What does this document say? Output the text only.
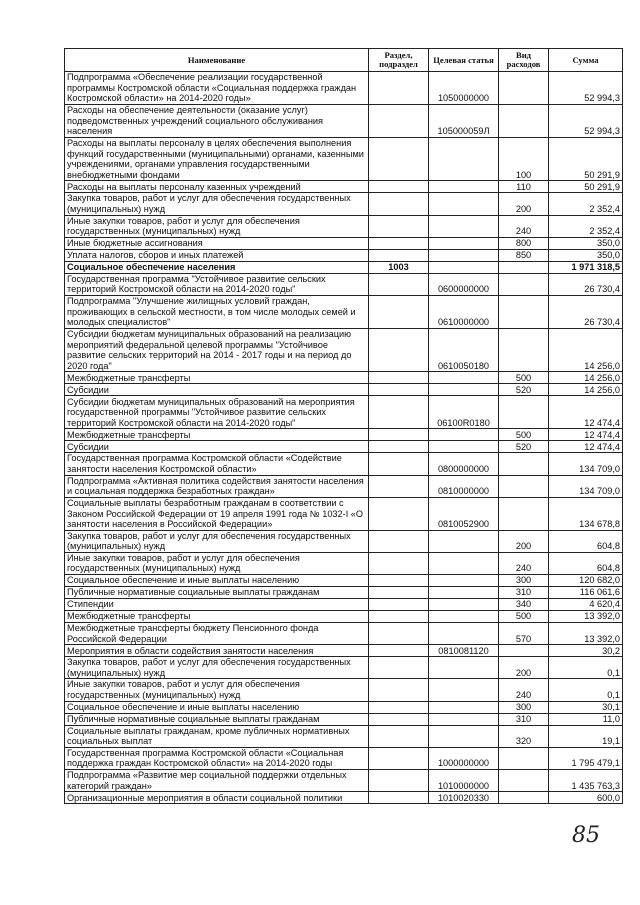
Наименование	Раздел, подраздел	Целевая статья	Вид расходов	Сумма
Подпрограмма «Обеспечение реализации государственной программы Костромской области «Социальная поддержка граждан Костромской области» на 2014-2020 годы»		1050000000		52 994,3
Расходы на обеспечение деятельности (оказание услуг) подведомственных учреждений социального обслуживания населения		105000059Л		52 994,3
Расходы на выплаты персоналу в целях обеспечения выполнения функций государственными (муниципальными) органами, казенными учреждениями, органами управления государственными внебюджетными фондами			100	50 291,9
Расходы на выплаты персоналу казенных учреждений			110	50 291,9
Закупка товаров, работ и услуг для обеспечения государственных (муниципальных) нужд			200	2 352,4
Иные закупки товаров, работ и услуг для обеспечения государственных (муниципальных) нужд			240	2 352,4
Иные бюджетные ассигнования			800	350,0
Уплата налогов, сборов и иных платежей			850	350,0
Социальное обеспечение населения	1003			1 971 318,5
Государственная программа "Устойчивое развитие сельских территорий Костромской области на 2014-2020 годы"		0600000000		26 730,4
Подпрограмма "Улучшение жилищных условий граждан, проживающих в сельской местности, в том числе молодых семей и молодых специалистов"		0610000000		26 730,4
Субсидии бюджетам муниципальных образований на реализацию мероприятий федеральной целевой программы "Устойчивое развитие сельских территорий на 2014 - 2017 годы и на период до 2020 года"		0610050180		14 256,0
Межбюджетные трансферты			500	14 256,0
Субсидии			520	14 256,0
Субсидии бюджетам муниципальных образований на мероприятия государственной программы "Устойчивое развитие сельских территорий Костромской области на 2014-2020 годы"		06100R0180		12 474,4
Межбюджетные трансферты			500	12 474,4
Субсидии			520	12 474,4
Государственная программа Костромской области «Содействие занятости населения Костромской области»		0800000000		134 709,0
Подпрограмма «Активная политика содействия занятости населения и социальная поддержка безработных граждан»		0810000000		134 709,0
Социальные выплаты безработным гражданам в соответствии с Законом Российской Федерации от 19 апреля 1991 года № 1032-I «О занятости населения в Российской Федерации»		0810052900		134 678,8
Закупка товаров, работ и услуг для обеспечения государственных (муниципальных) нужд			200	604,8
Иные закупки товаров, работ и услуг для обеспечения государственных (муниципальных) нужд			240	604,8
Социальное обеспечение и иные выплаты населению			300	120 682,0
Публичные нормативные социальные выплаты гражданам			310	116 061,6
Стипендии			340	4 620,4
Межбюджетные трансферты			500	13 392,0
Межбюджетные трансферты бюджету Пенсионного фонда Российской Федерации			570	13 392,0
Мероприятия в области содействия занятости населения		0810081120		30,2
Закупка товаров, работ и услуг для обеспечения государственных (муниципальных) нужд			200	0,1
Иные закупки товаров, работ и услуг для обеспечения государственных (муниципальных) нужд			240	0,1
Социальное обеспечение и иные выплаты населению			300	30,1
Публичные нормативные социальные выплаты гражданам			310	11,0
Социальные выплаты гражданам, кроме публичных нормативных социальных выплат			320	19,1
Государственная программа Костромской области «Социальная поддержка граждан Костромской области» на 2014-2020 годы		1000000000		1 795 479,1
Подпрограмма «Развитие мер социальной поддержки отдельных категорий граждан»		1010000000		1 435 763,3
Организационные мероприятия в области социальной политики		1010020330		600,0
85
